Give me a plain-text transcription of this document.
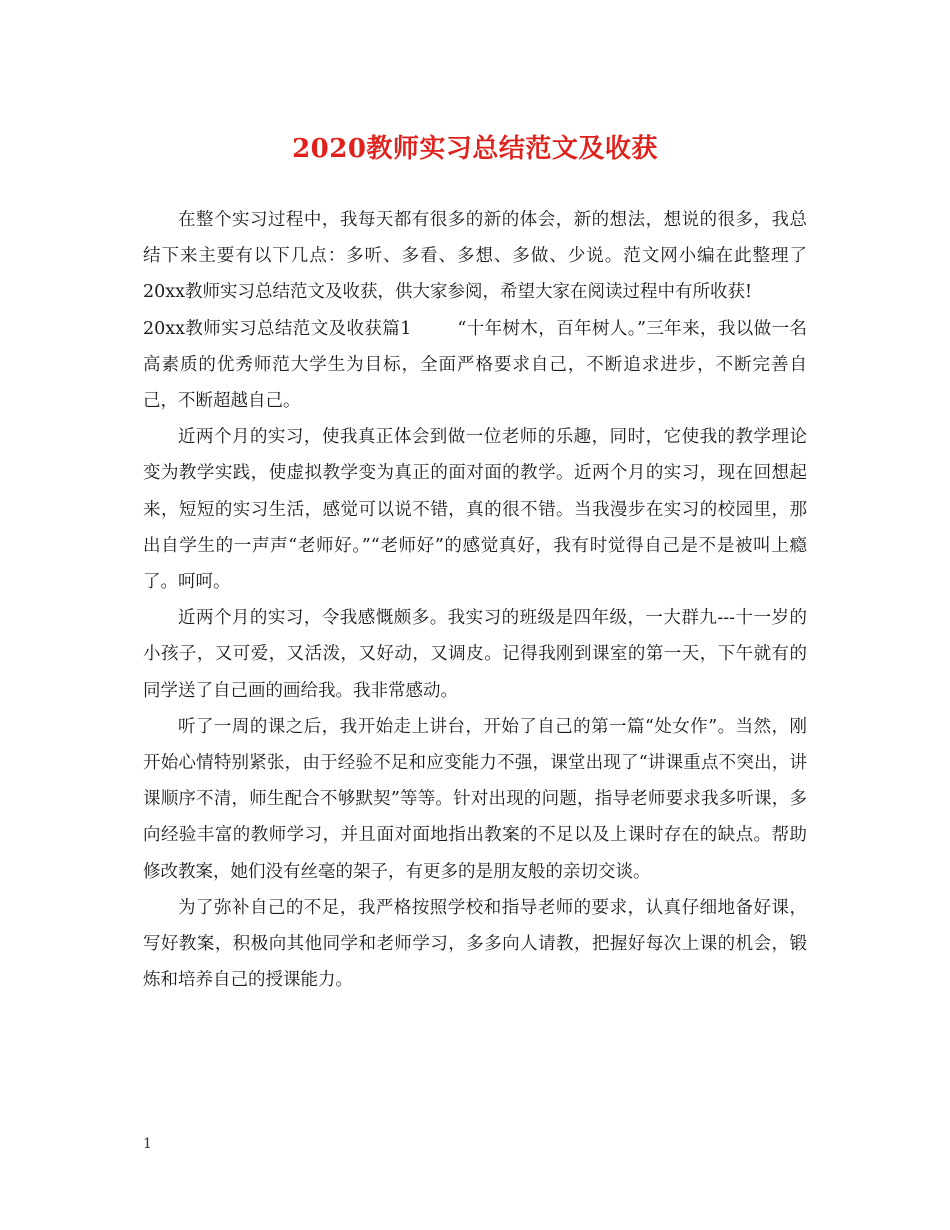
2020教师实习总结范文及收获

在整个实习过程中，我每天都有很多的新的体会，新的想法，想说的很多，我总结下来主要有以下几点：多听、多看、多想、多做、少说。范文网小编在此整理了20xx教师实习总结范文及收获，供大家参阅，希望大家在阅读过程中有所收获!

20xx教师实习总结范文及收获篇1	“十年树木，百年树人。”三年来，我以做一名高素质的优秀师范大学生为目标，全面严格要求自己，不断追求进步，不断完善自己，不断超越自己。

近两个月的实习，使我真正体会到做一位老师的乐趣，同时，它使我的教学理论变为教学实践，使虚拟教学变为真正的面对面的教学。近两个月的实习，现在回想起来，短短的实习生活，感觉可以说不错，真的很不错。当我漫步在实习的校园里，那出自学生的一声声“老师好。”“老师好”的感觉真好，我有时觉得自己是不是被叫上瘾了。呵呵。

近两个月的实习，令我感慨颇多。我实习的班级是四年级，一大群九---十一岁的小孩子，又可爱，又活泼，又好动，又调皮。记得我刚到课室的第一天，下午就有的同学送了自己画的画给我。我非常感动。

听了一周的课之后，我开始走上讲台，开始了自己的第一篇“处女作”。当然，刚开始心情特别紧张，由于经验不足和应变能力不强，课堂出现了“讲课重点不突出，讲课顺序不清，师生配合不够默契”等等。针对出现的问题，指导老师要求我多听课，多向经验丰富的教师学习，并且面对面地指出教案的不足以及上课时存在的缺点。帮助修改教案，她们没有丝毫的架子，有更多的是朋友般的亲切交谈。

为了弥补自己的不足，我严格按照学校和指导老师的要求，认真仔细地备好课，写好教案，积极向其他同学和老师学习，多多向人请教，把握好每次上课的机会，锻炼和培养自己的授课能力。

1
